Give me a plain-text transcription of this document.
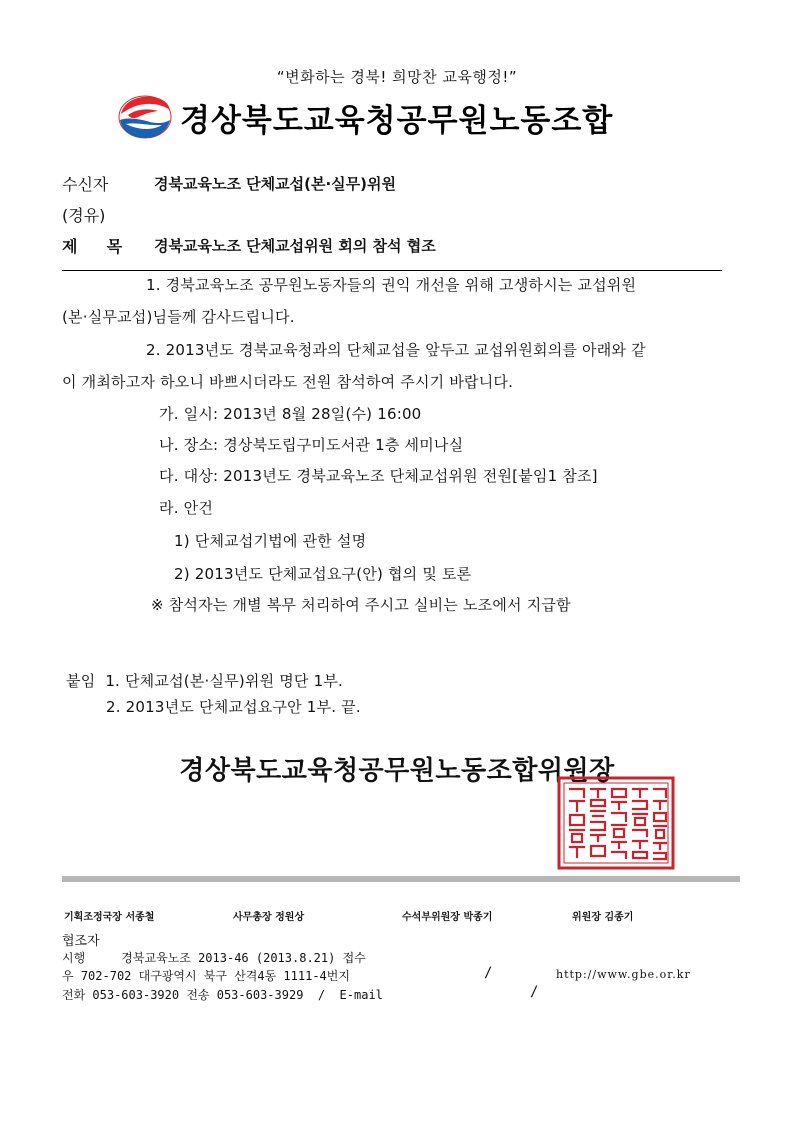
“변화하는 경북! 희망찬 교육행정!”
경상북도교육청공무원노동조합
수신자	경북교육노조 단체교섭(본·실무)위원
(경유)
제  목 경북교육노조 단체교섭위원 회의 참석 협조
1. 경북교육노조 공무원노동자들의 권익 개선을 위해 고생하시는 교섭위원
(본·실무교섭)님들께 감사드립니다.
2. 2013년도 경북교육청과의 단체교섭을 앞두고 교섭위원회의를 아래와 같
이 개최하고자 하오니 바쁘시더라도 전원 참석하여 주시기 바랍니다.
가. 일시: 2013년 8월 28일(수) 16:00
나. 장소: 경상북도립구미도서관 1층 세미나실
다. 대상: 2013년도 경북교육노조 단체교섭위원 전원[붙임1 참조]
라. 안건
1) 단체교섭기법에 관한 설명
2) 2013년도 단체교섭요구(안) 협의 및 토론
※ 참석자는 개별 복무 처리하여 주시고 실비는 노조에서 지급함
붙임  1. 단체교섭(본·실무)위원 명단 1부.
2. 2013년도 단체교섭요구안 1부. 끝.
경상북도교육청공무원노동조합위원장
기획조정국장 서종철	사무총장 정원상	수석부위원장 박종기	위원장 김종기
협조자
시행     경북교육노조 2013-46 (2013.8.21) 접수
우 702-702 대구광역시 북구 산격4동 1111-4번지	/	http://www.gbe.or.kr
전화 053-603-3920 전송 053-603-3929  /  E-mail	/
